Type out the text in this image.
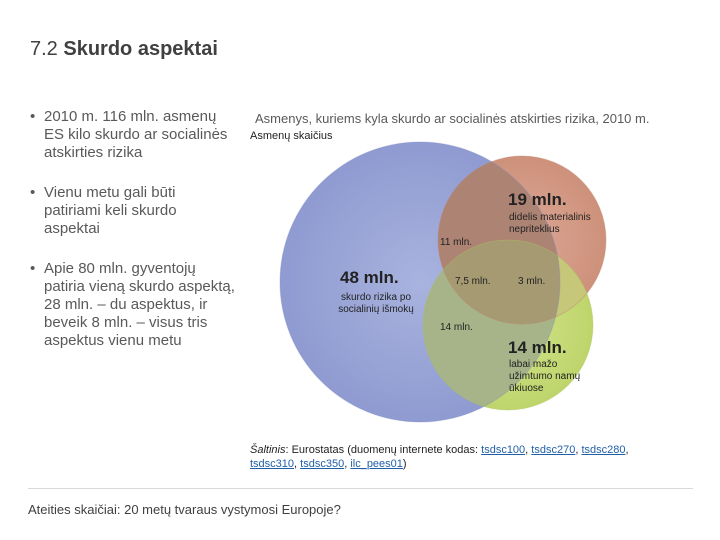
7.2 Skurdo aspektai
• 2010 m. 116 mln. asmenų ES kilo skurdo ar socialinės atskirties rizika
• Vienu metu gali būti patiriami keli skurdo aspektai
• Apie 80 mln. gyventojų patiria vieną skurdo aspektą, 28 mln. – du aspektus, ir beveik 8 mln. – visus tris aspektus vienu metu
Asmenys, kuriems kyla skurdo ar socialinės atskirties rizika, 2010 m.
Asmenų skaičius
19 mln.
didelis materialinis nepriteklius
11 mln.
48 mln.
skurdo rizika po socialinių išmokų
7,5 mln.	3 mln.
14 mln.
14 mln.
labai mažo užimtumo namų ūkiuose
Šaltinis: Eurostatas (duomenų internete kodas: tsdsc100, tsdsc270, tsdsc280, tsdsc310, tsdsc350, ilc_pees01)
Ateities skaičiai: 20 metų tvaraus vystymosi Europoje?
